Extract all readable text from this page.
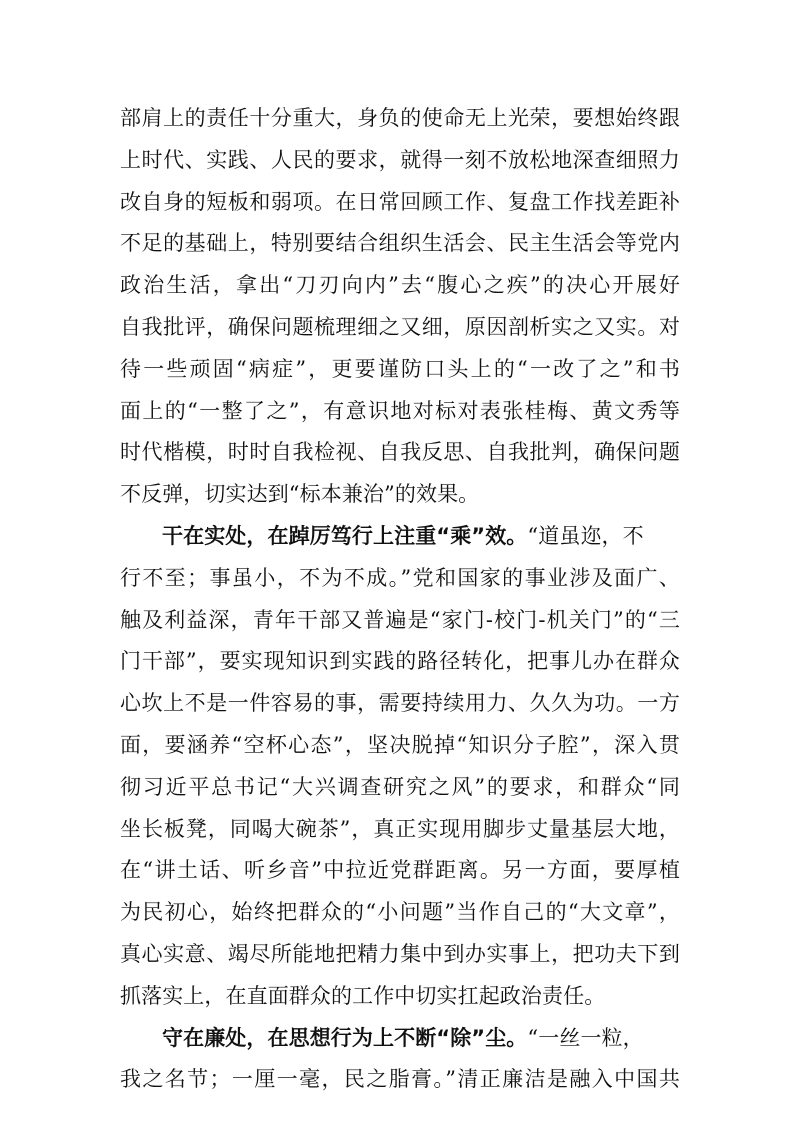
部肩上的责任十分重大，身负的使命无上光荣，要想始终跟
上时代、实践、人民的要求，就得一刻不放松地深查细照力
改自身的短板和弱项。在日常回顾工作、复盘工作找差距补
不足的基础上，特别要结合组织生活会、民主生活会等党内
政治生活，拿出“刀刃向内”去“腹心之疾”的决心开展好
自我批评，确保问题梳理细之又细，原因剖析实之又实。对
待一些顽固“病症”，更要谨防口头上的“一改了之”和书
面上的“一整了之”，有意识地对标对表张桂梅、黄文秀等
时代楷模，时时自我检视、自我反思、自我批判，确保问题
不反弹，切实达到“标本兼治”的效果。
干在实处，在踔厉笃行上注重“乘”效。“道虽迩，不
行不至；事虽小，不为不成。”党和国家的事业涉及面广、
触及利益深，青年干部又普遍是“家门-校门-机关门”的“三
门干部”，要实现知识到实践的路径转化，把事儿办在群众
心坎上不是一件容易的事，需要持续用力、久久为功。一方
面，要涵养“空杯心态”，坚决脱掉“知识分子腔”，深入贯
彻习近平总书记“大兴调查研究之风”的要求，和群众“同
坐长板凳，同喝大碗茶”，真正实现用脚步丈量基层大地，
在“讲土话、听乡音”中拉近党群距离。另一方面，要厚植
为民初心，始终把群众的“小问题”当作自己的“大文章”，
真心实意、竭尽所能地把精力集中到办实事上，把功夫下到
抓落实上，在直面群众的工作中切实扛起政治责任。
守在廉处，在思想行为上不断“除”尘。“一丝一粒，
我之名节；一厘一毫，民之脂膏。”清正廉洁是融入中国共
